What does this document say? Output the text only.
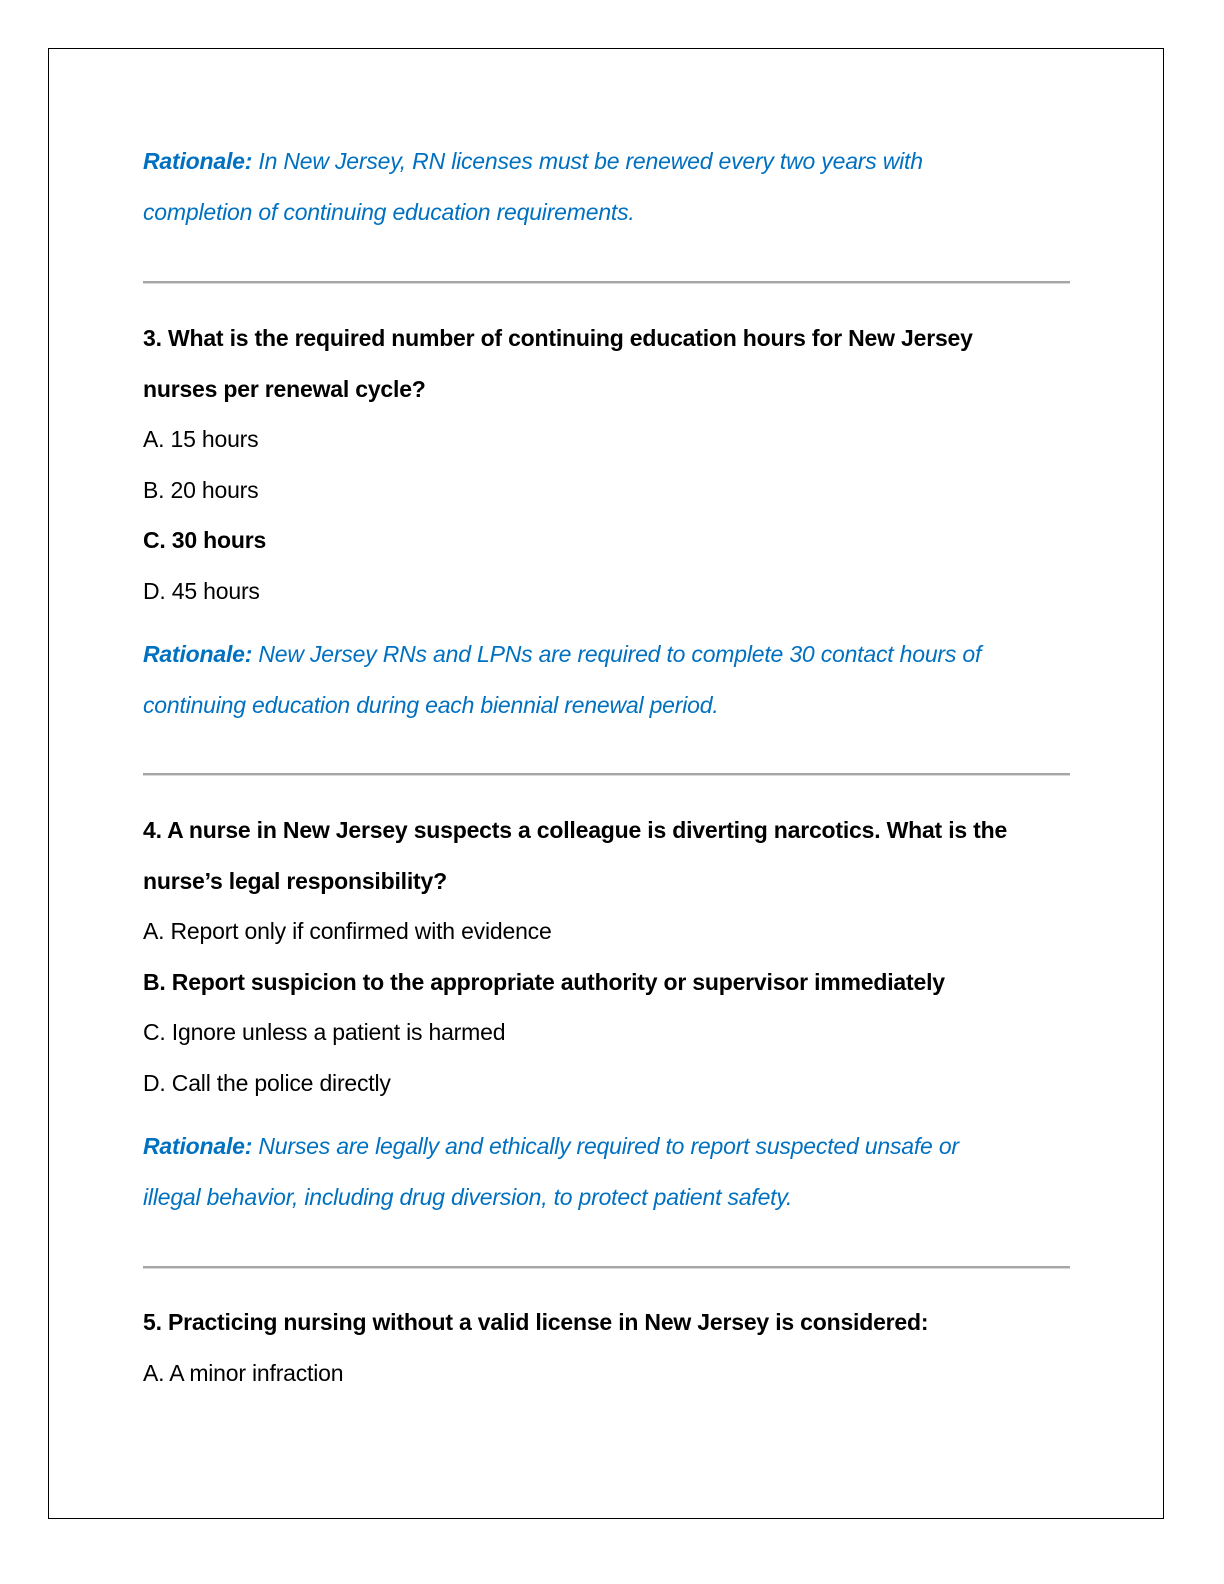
Rationale: In New Jersey, RN licenses must be renewed every two years with
completion of continuing education requirements.
3. What is the required number of continuing education hours for New Jersey
nurses per renewal cycle?
A. 15 hours
B. 20 hours
C. 30 hours
D. 45 hours
Rationale: New Jersey RNs and LPNs are required to complete 30 contact hours of
continuing education during each biennial renewal period.
4. A nurse in New Jersey suspects a colleague is diverting narcotics. What is the
nurse’s legal responsibility?
A. Report only if confirmed with evidence
B. Report suspicion to the appropriate authority or supervisor immediately
C. Ignore unless a patient is harmed
D. Call the police directly
Rationale: Nurses are legally and ethically required to report suspected unsafe or
illegal behavior, including drug diversion, to protect patient safety.
5. Practicing nursing without a valid license in New Jersey is considered:
A. A minor infraction
